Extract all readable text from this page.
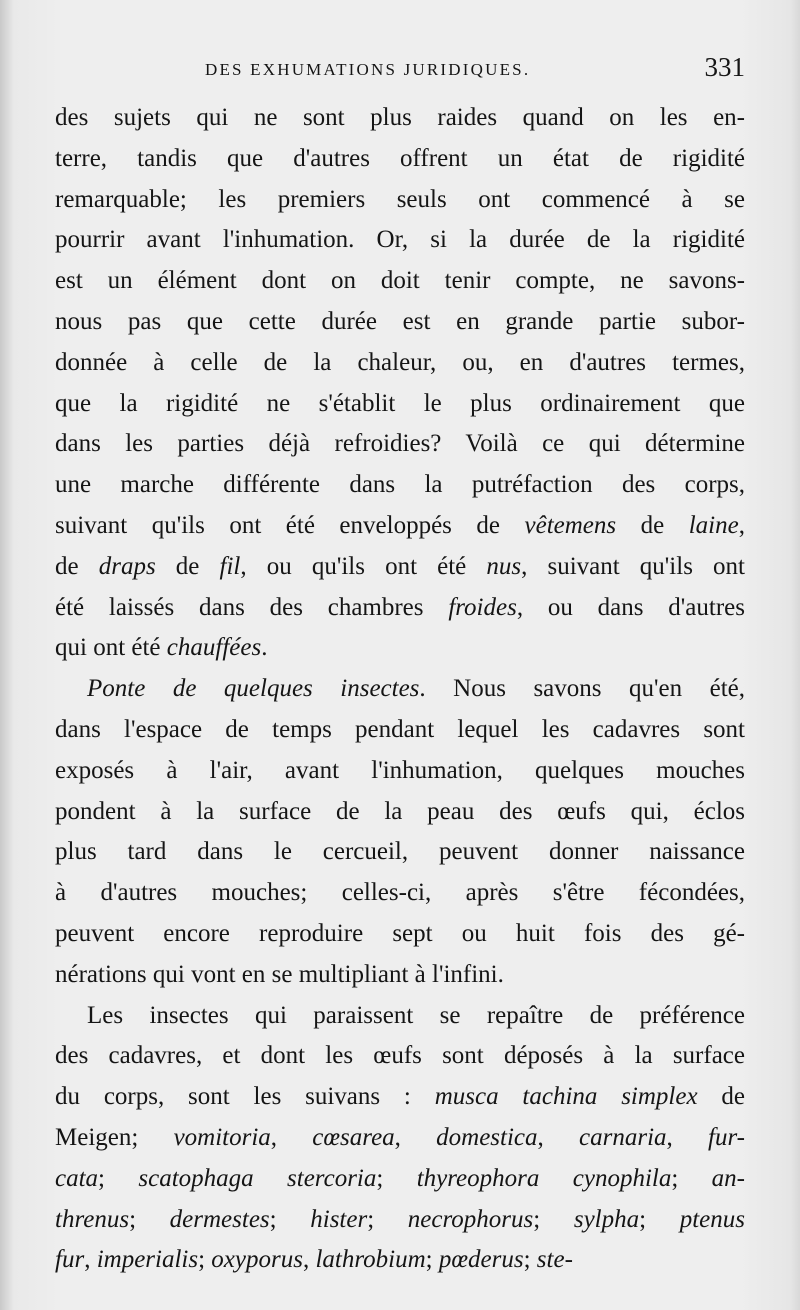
DES EXHUMATIONS JURIDIQUES.	331
des sujets qui ne sont plus raides quand on les en-
terre, tandis que d'autres offrent un état de rigidité
remarquable; les premiers seuls ont commencé à se
pourrir avant l'inhumation. Or, si la durée de la rigidité
est un élément dont on doit tenir compte, ne savons-
nous pas que cette durée est en grande partie subor-
donnée à celle de la chaleur, ou, en d'autres termes,
que la rigidité ne s'établit le plus ordinairement que
dans les parties déjà refroidies? Voilà ce qui détermine
une marche différente dans la putréfaction des corps,
suivant qu'ils ont été enveloppés de vêtemens de laine,
de draps de fil, ou qu'ils ont été nus, suivant qu'ils ont
été laissés dans des chambres froides, ou dans d'autres
qui ont été chauffées.
Ponte de quelques insectes. Nous savons qu'en été,
dans l'espace de temps pendant lequel les cadavres sont
exposés à l'air, avant l'inhumation, quelques mouches
pondent à la surface de la peau des œufs qui, éclos
plus tard dans le cercueil, peuvent donner naissance
à d'autres mouches; celles-ci, après s'être fécondées,
peuvent encore reproduire sept ou huit fois des gé-
nérations qui vont en se multipliant à l'infini.
Les insectes qui paraissent se repaître de préférence
des cadavres, et dont les œufs sont déposés à la surface
du corps, sont les suivans : musca tachina simplex de
Meigen; vomitoria, cœsarea, domestica, carnaria, fur-
cata; scatophaga stercoria; thyreophora cynophila; an-
threnus; dermestes; hister; necrophorus; sylpha; ptenus
fur, imperialis; oxyporus, lathrobium; pœderus; ste-
